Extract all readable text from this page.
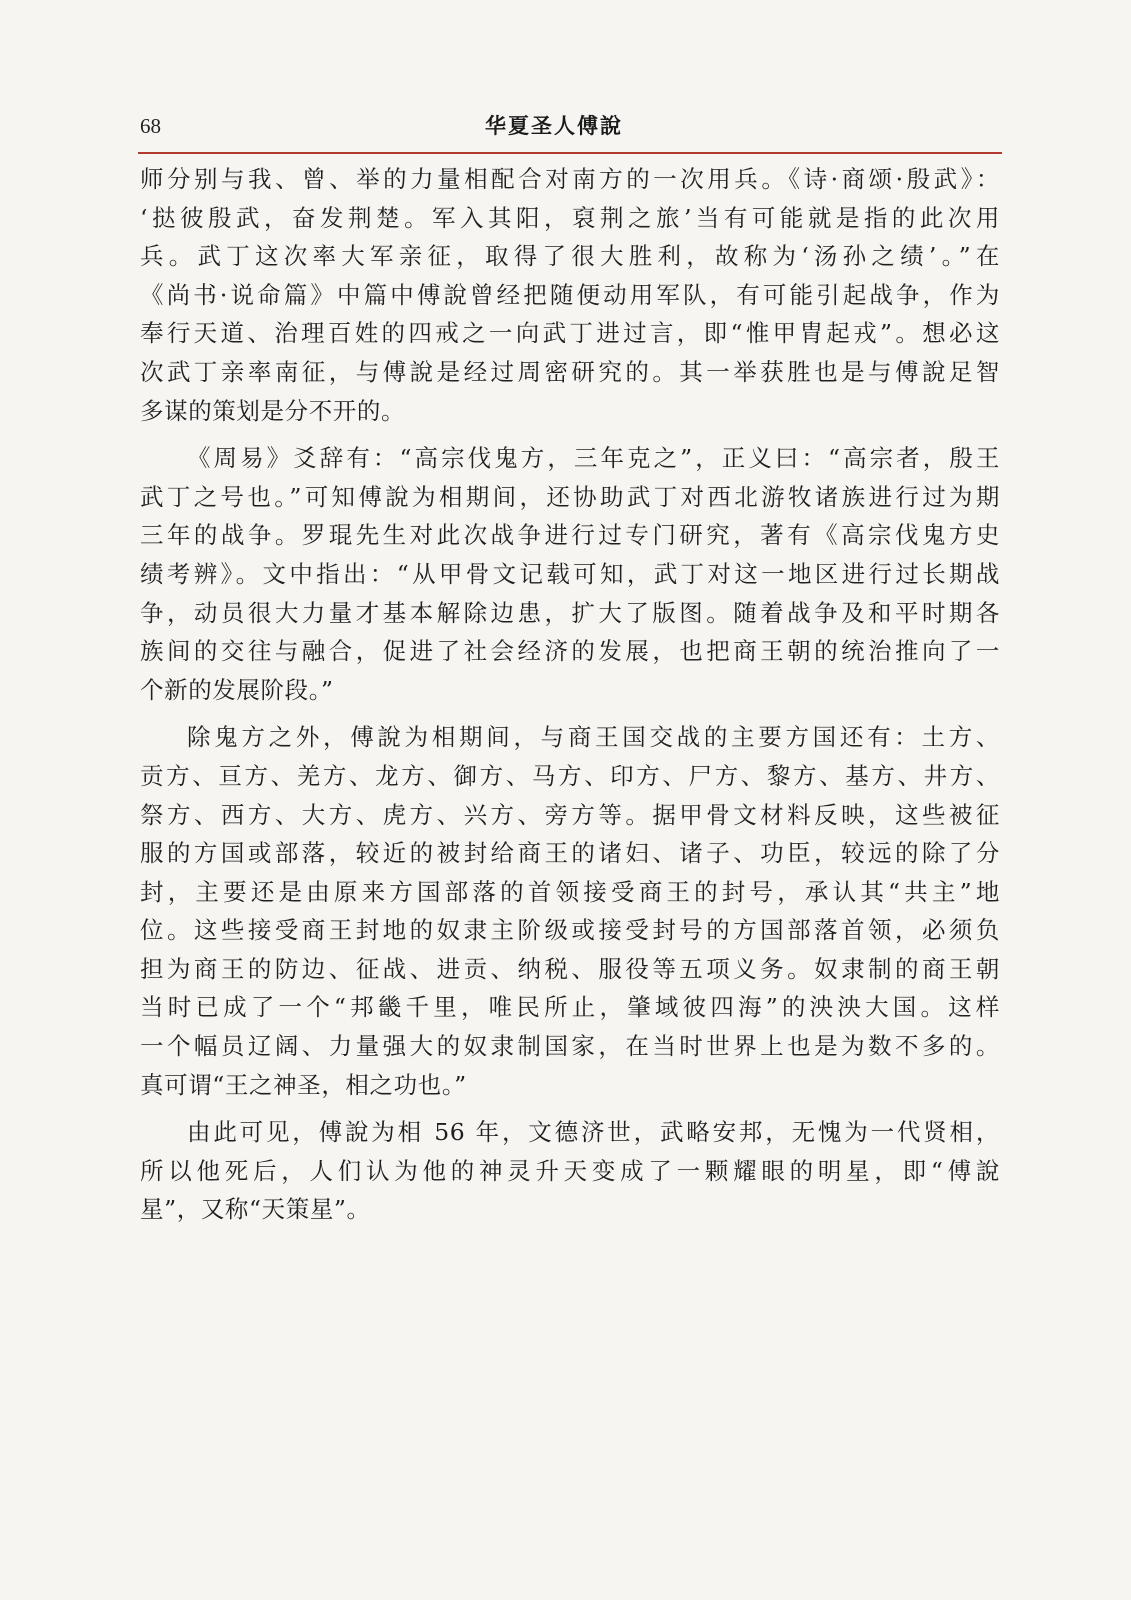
68	华夏圣人傅說
师分别与我、曾、举的力量相配合对南方的一次用兵。《诗·商颂·殷武》：
‘挞彼殷武，奋发荆楚。军入其阳，裒荆之旅’当有可能就是指的此次用
兵。武丁这次率大军亲征，取得了很大胜利，故称为‘汤孙之绩’。”在
《尚书·说命篇》中篇中傅說曾经把随便动用军队，有可能引起战争，作为
奉行天道、治理百姓的四戒之一向武丁进过言，即“惟甲胄起戎”。想必这
次武丁亲率南征，与傅說是经过周密研究的。其一举获胜也是与傅說足智
多谋的策划是分不开的。
《周易》爻辞有：“高宗伐鬼方，三年克之”，正义曰：“高宗者，殷王
武丁之号也。”可知傅說为相期间，还协助武丁对西北游牧诸族进行过为期
三年的战争。罗琨先生对此次战争进行过专门研究，著有《高宗伐鬼方史
绩考辨》。文中指出：“从甲骨文记载可知，武丁对这一地区进行过长期战
争，动员很大力量才基本解除边患，扩大了版图。随着战争及和平时期各
族间的交往与融合，促进了社会经济的发展，也把商王朝的统治推向了一
个新的发展阶段。”
除鬼方之外，傅說为相期间，与商王国交战的主要方国还有：土方、
贡方、亘方、羌方、龙方、御方、马方、印方、尸方、黎方、基方、井方、
祭方、西方、大方、虎方、兴方、旁方等。据甲骨文材料反映，这些被征
服的方国或部落，较近的被封给商王的诸妇、诸子、功臣，较远的除了分
封，主要还是由原来方国部落的首领接受商王的封号，承认其“共主”地
位。这些接受商王封地的奴隶主阶级或接受封号的方国部落首领，必须负
担为商王的防边、征战、进贡、纳税、服役等五项义务。奴隶制的商王朝
当时已成了一个“邦畿千里，唯民所止，肇域彼四海”的泱泱大国。这样
一个幅员辽阔、力量强大的奴隶制国家，在当时世界上也是为数不多的。
真可谓“王之神圣，相之功也。”
由此可见，傅說为相 56 年，文德济世，武略安邦，无愧为一代贤相，
所以他死后，人们认为他的神灵升天变成了一颗耀眼的明星，即“傅說
星”，又称“天策星”。
